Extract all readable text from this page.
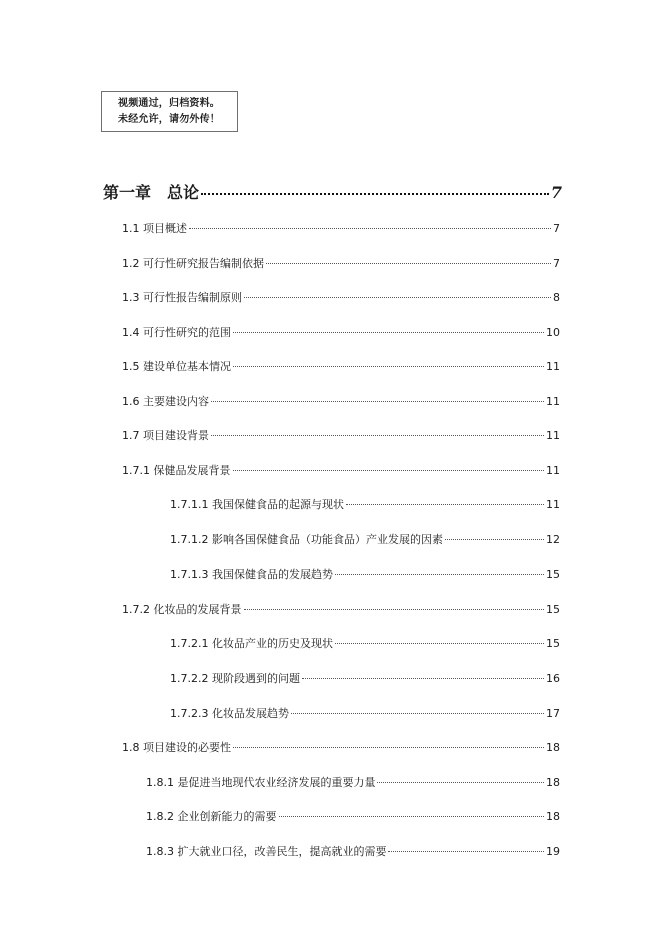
视频通过，归档资料。
未经允许，请勿外传！
第一章　总论	7
1.1 项目概述	7
1.2 可行性研究报告编制依据	7
1.3 可行性报告编制原则	8
1.4 可行性研究的范围	10
1.5 建设单位基本情况	11
1.6 主要建设内容	11
1.7 项目建设背景	11
1.7.1 保健品发展背景	11
1.7.1.1 我国保健食品的起源与现状	11
1.7.1.2 影响各国保健食品（功能食品）产业发展的因素	12
1.7.1.3 我国保健食品的发展趋势	15
1.7.2 化妆品的发展背景	15
1.7.2.1 化妆品产业的历史及现状	15
1.7.2.2 现阶段遇到的问题	16
1.7.2.3 化妆品发展趋势	17
1.8 项目建设的必要性	18
1.8.1 是促进当地现代农业经济发展的重要力量	18
1.8.2 企业创新能力的需要	18
1.8.3 扩大就业口径，改善民生，提高就业的需要	19
